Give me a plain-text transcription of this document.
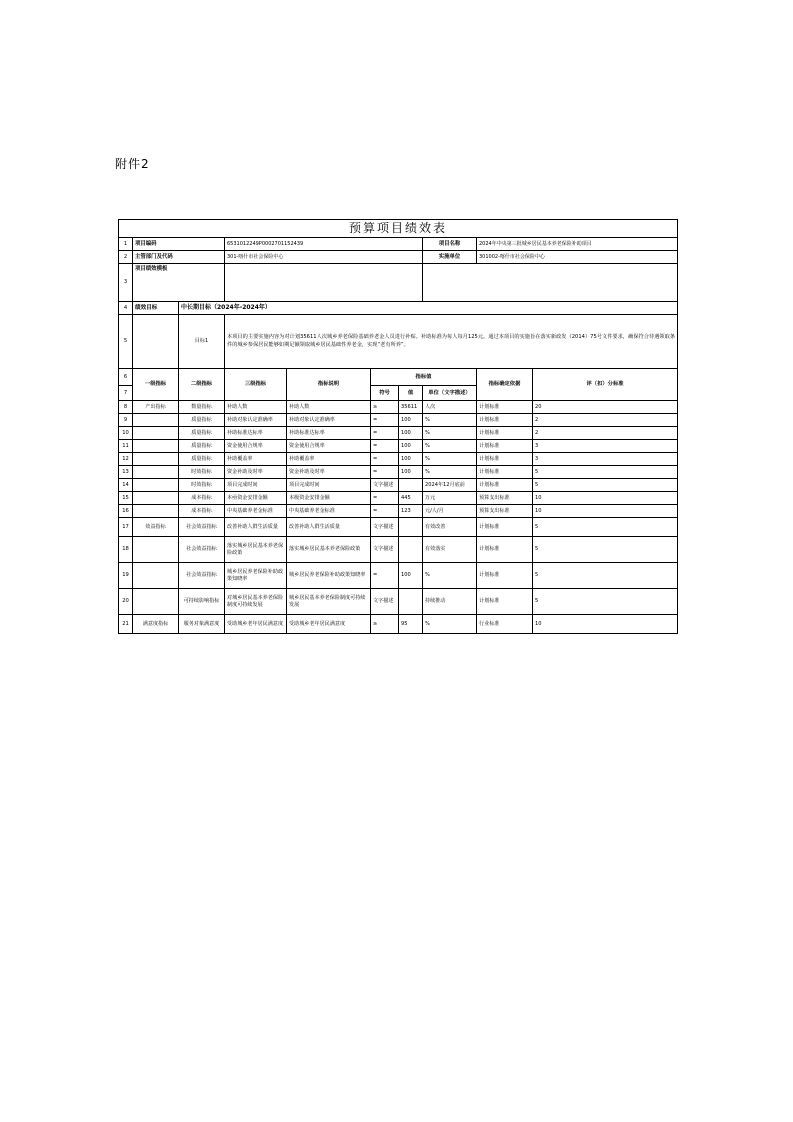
附件2
预算项目绩效表									
1	项目编码		6531012249P0002701152439				项目名称	2024年中央第三批城乡居民基本养老保险补助项目	
2	主管部门及代码		301-喀什市社会保险中心				实施单位	301002-喀什市社会保险中心	
3	项目绩效模板								
4	绩效目标	中长期目标（2024年-2024年）							
5		目标1	本项目的主要实施内容为对计划35611人次城乡养老保险基础养老金人员进行补贴。补助标准为每人每月125元。通过本项目的实施旨在落实新政发（2014）75号文件要求，确保符合待遇领取条件的城乡参保居民能够如期足额领取城乡居民基础性养老金，实现“老有所养”。						
6	一级指标	二级指标	三级指标	指标说明	指标值			指标确定依据	评（扣）分标准
7					符号	值	单位（文字描述）		
8	产出指标	数量指标	补助人数	补助人数	≥	35611	人次	计划标准	20
9		质量指标	补助对象认定准确率	补助对象认定准确率	=	100	%	计划标准	2
10		质量指标	补助标准达标率	补助标准达标率	=	100	%	计划标准	2
11		质量指标	资金使用合规率	资金使用合规率	=	100	%	计划标准	3
12		质量指标	补助覆盖率	补助覆盖率	=	100	%	计划标准	3
13		时效指标	资金补助及时率	资金补助及时率	=	100	%	计划标准	5
14		时效指标	项目完成时间	项目完成时间	文字描述		2024年12月底前	计划标准	5
15		成本指标	本亟资金安排金额	本级资金安排金额	=	445	万元	预算支出标准	10
16		成本指标	中央基础养老金标准	中央基础养老金标准	=	123	元/人/月	预算支出标准	10
17	效益指标	社会效益指标	改善补助人群生活质量	改善补助人群生活质量	文字描述		有效改善	计划标准	5
18		社会效益指标	落实城乡居民基本养老保险政策	落实城乡居民基本养老保险政策	文字描述		有效落实	计划标准	5
19		社会效益指标	城乡居民养老保险补助政策知晓率	城乡居民养老保险补助政策知晓率	=	100	%	计划标准	5
20		可持续影响指标	对城乡居民基本养老保险制度可持续发展	城乡居民基本养老保险制度可持续发展	文字描述		持续推动	计划标准	5
21	满意度指标	服务对象满意度	受助城乡老年居民满意度	受助城乡老年居民满意度	≥	95	%	行业标准	10
